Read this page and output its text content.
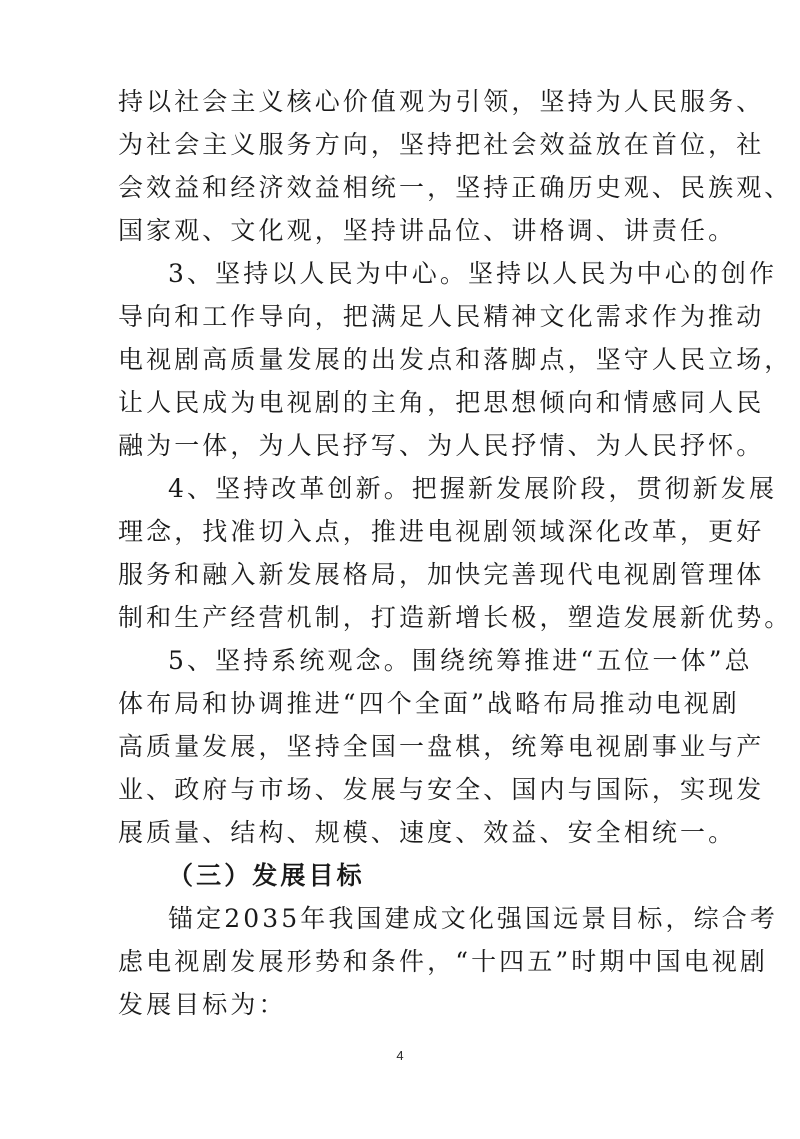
持以社会主义核心价值观为引领，坚持为人民服务、
为社会主义服务方向，坚持把社会效益放在首位，社
会效益和经济效益相统一，坚持正确历史观、民族观、
国家观、文化观，坚持讲品位、讲格调、讲责任。
3、坚持以人民为中心。坚持以人民为中心的创作
导向和工作导向，把满足人民精神文化需求作为推动
电视剧高质量发展的出发点和落脚点，坚守人民立场，
让人民成为电视剧的主角，把思想倾向和情感同人民
融为一体，为人民抒写、为人民抒情、为人民抒怀。
4、坚持改革创新。把握新发展阶段，贯彻新发展
理念，找准切入点，推进电视剧领域深化改革，更好
服务和融入新发展格局，加快完善现代电视剧管理体
制和生产经营机制，打造新增长极，塑造发展新优势。
5、坚持系统观念。围绕统筹推进“五位一体”总
体布局和协调推进“四个全面”战略布局推动电视剧
高质量发展，坚持全国一盘棋，统筹电视剧事业与产
业、政府与市场、发展与安全、国内与国际，实现发
展质量、结构、规模、速度、效益、安全相统一。
（三）发展目标
锚定2035年我国建成文化强国远景目标，综合考
虑电视剧发展形势和条件，“十四五”时期中国电视剧
发展目标为：
4
